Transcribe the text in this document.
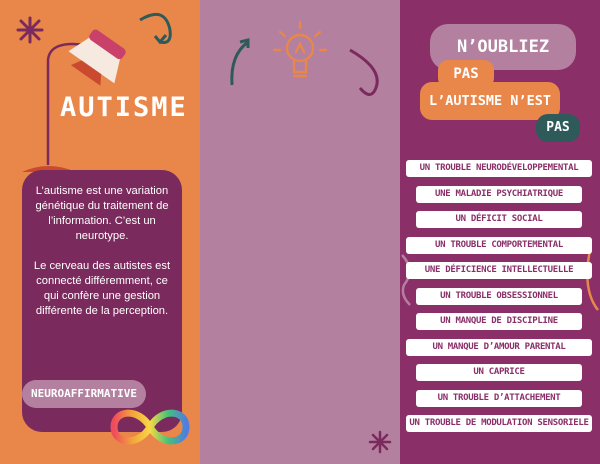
AUTISME

L’autisme est une variation génétique du traitement de l’information. C’est un neurotype.

Le cerveau des autistes est connecté différemment, ce qui confère une gestion différente de la perception.

NEUROAFFIRMATIVE
N’OUBLIEZ
L’AUTISME N’EST
PAS
PAS
UN TROUBLE NEURODÉVELOPPEMENTAL
UNE MALADIE PSYCHIATRIQUE
UN DÉFICIT SOCIAL
UN TROUBLE COMPORTEMENTAL
UNE DÉFICIENCE INTELLECTUELLE
UN TROUBLE OBSESSIONNEL
UN MANQUE DE DISCIPLINE
UN MANQUE D’AMOUR PARENTAL
UN CAPRICE
UN TROUBLE D’ATTACHEMENT
UN TROUBLE DE MODULATION SENSORIELE
